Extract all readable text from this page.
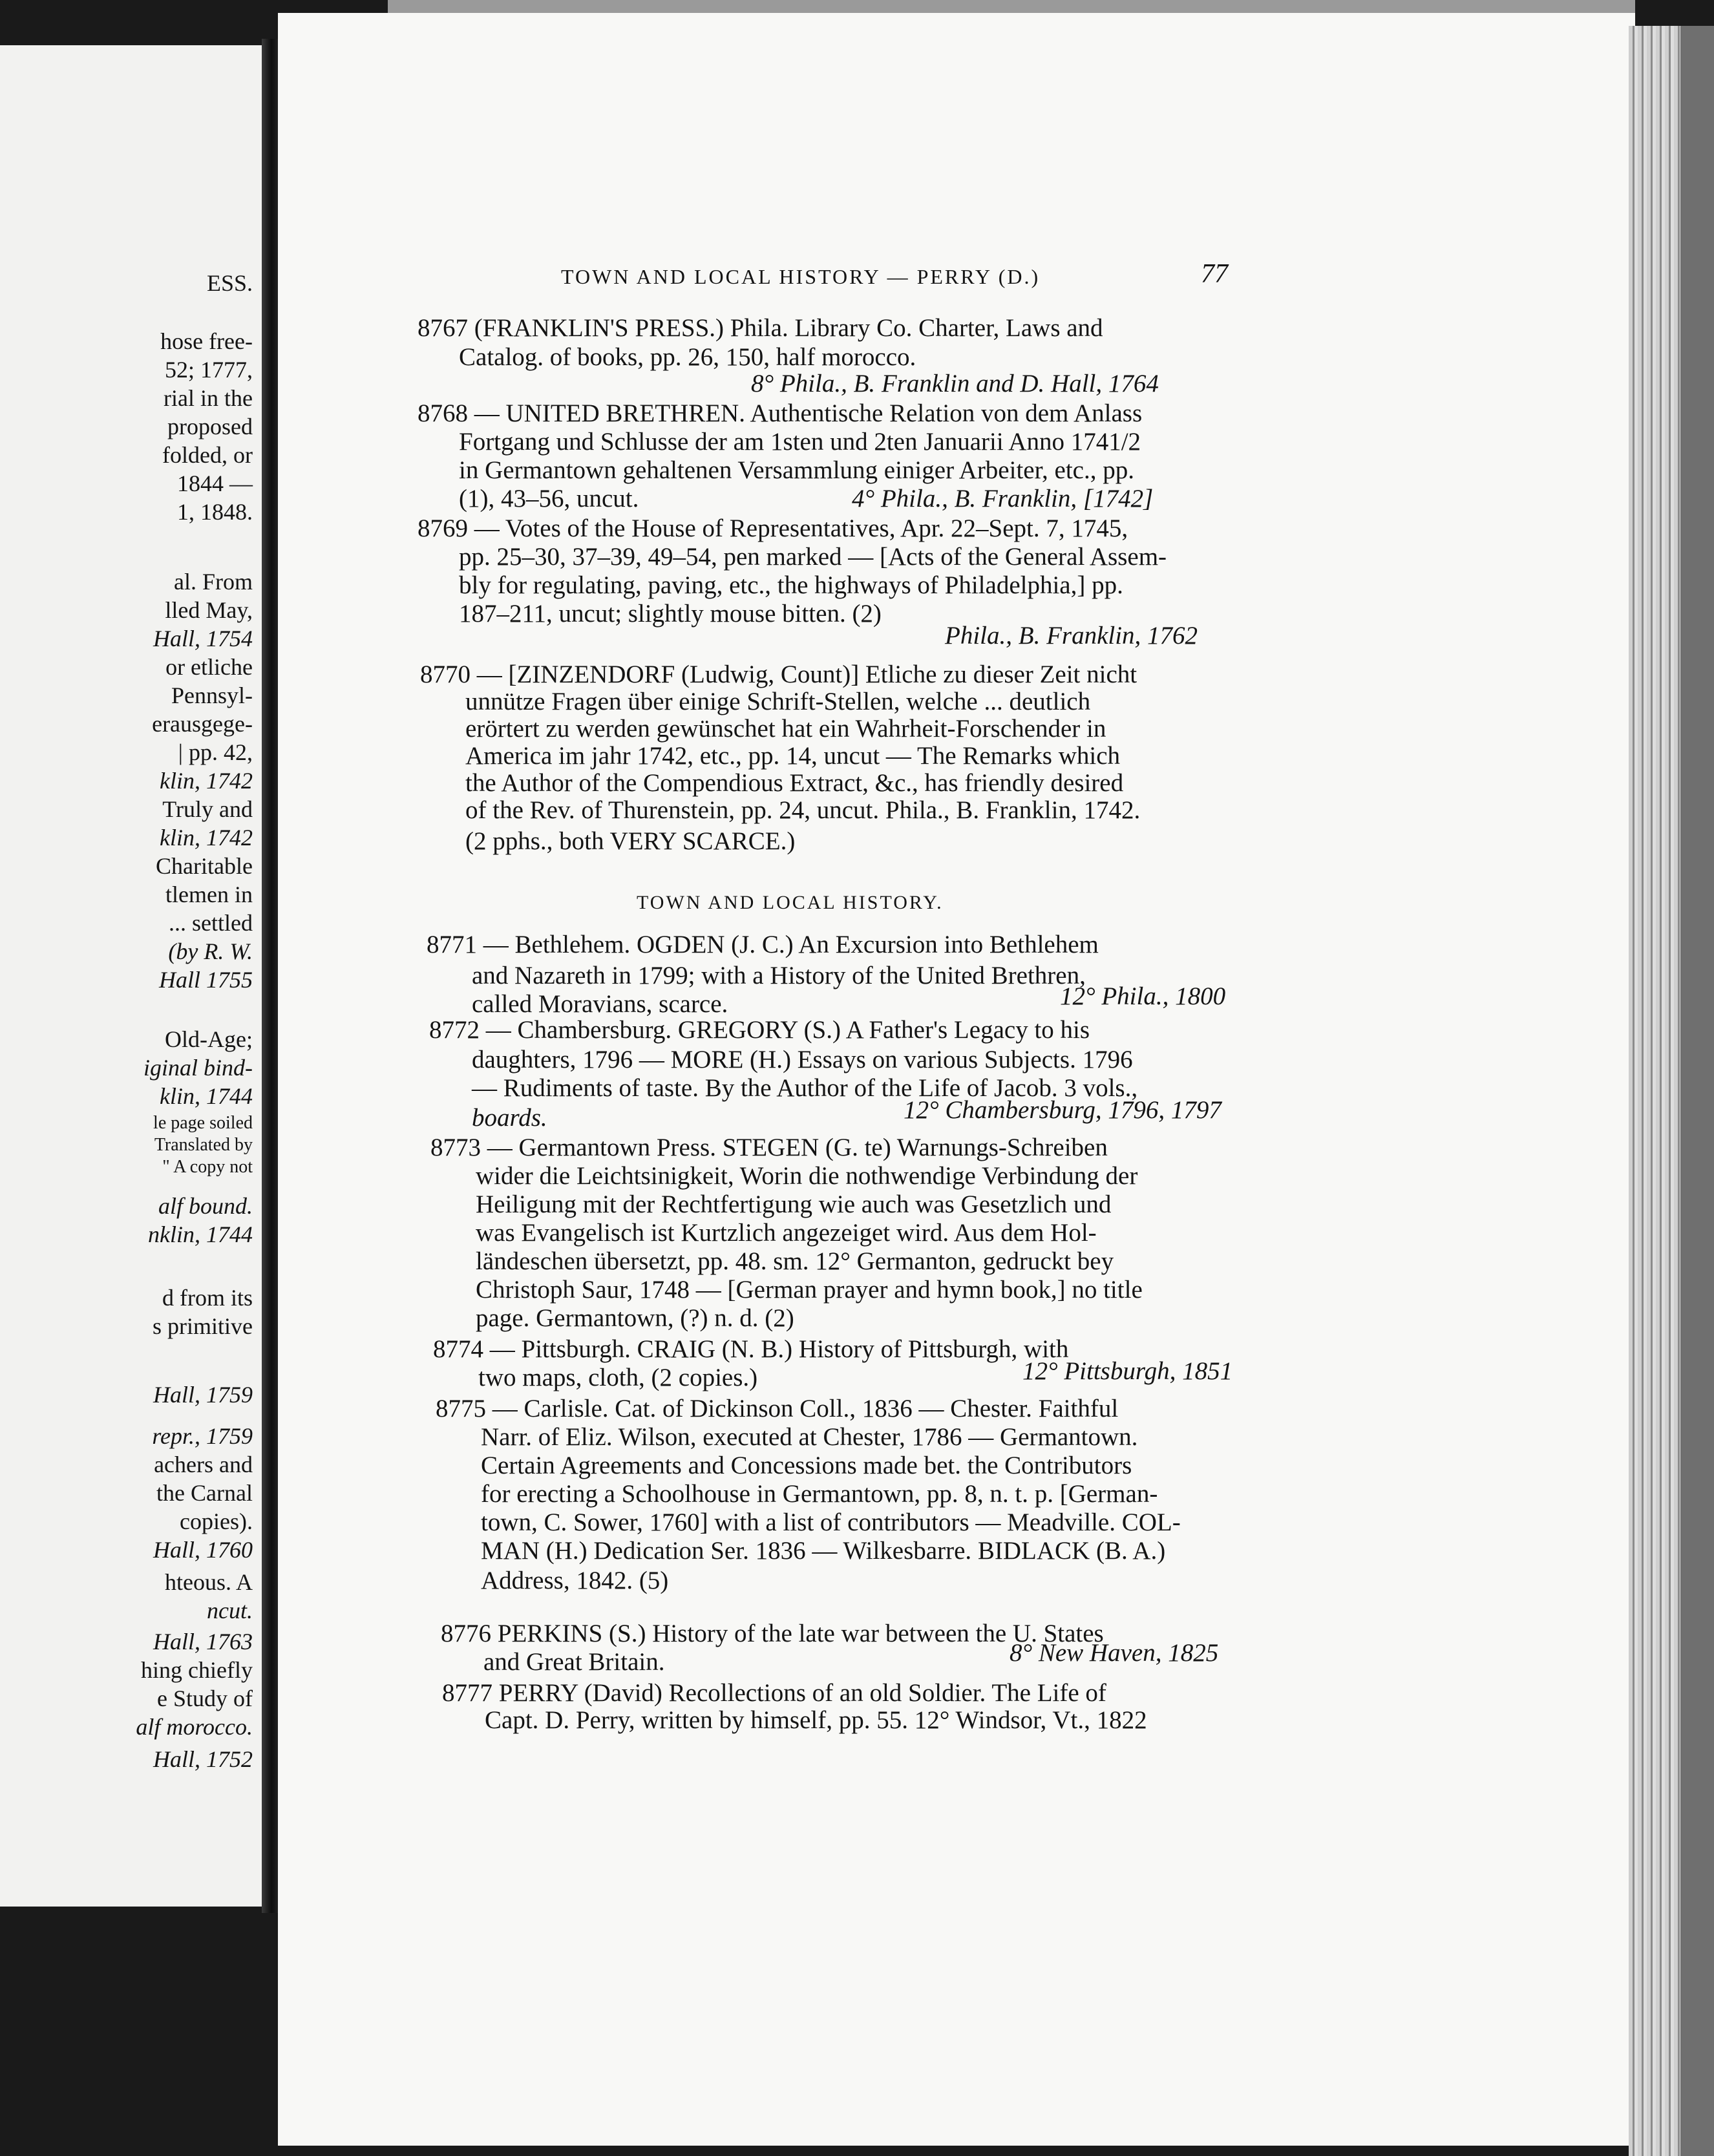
ESS.
hose free-
52; 1777,
rial in the
proposed
folded, or
1844 —
1, 1848.
al. From
lled May,
Hall, 1754
or etliche
Pennsyl-
erausgege-
| pp. 42,
klin, 1742
Truly and
klin, 1742
Charitable
tlemen in
... settled
(by R. W.
Hall 1755
Old-Age;
iginal bind-
klin, 1744
le page soiled
Translated by
" A copy not
alf bound.
nklin, 1744
d from its
s primitive
Hall, 1759
repr., 1759
achers and
the Carnal
copies).
Hall, 1760
hteous. A
ncut.
Hall, 1763
hing chiefly
e Study of
alf morocco.
Hall, 1752
TOWN AND LOCAL HISTORY — PERRY (D.)	77
8767 (FRANKLIN'S PRESS.) Phila. Library Co. Charter, Laws and
Catalog. of books, pp. 26, 150, half morocco.
8° Phila., B. Franklin and D. Hall, 1764
8768 — UNITED BRETHREN. Authentische Relation von dem Anlass
Fortgang und Schlusse der am 1sten und 2ten Januarii Anno 1741/2
in Germantown gehaltenen Versammlung einiger Arbeiter, etc., pp.
(1), 43–56, uncut.	4° Phila., B. Franklin, [1742]
8769 — Votes of the House of Representatives, Apr. 22–Sept. 7, 1745,
pp. 25–30, 37–39, 49–54, pen marked — [Acts of the General Assem-
bly for regulating, paving, etc., the highways of Philadelphia,] pp.
187–211, uncut; slightly mouse bitten. (2)
Phila., B. Franklin, 1762
8770 — [ZINZENDORF (Ludwig, Count)] Etliche zu dieser Zeit nicht
unnütze Fragen über einige Schrift-Stellen, welche ... deutlich
erörtert zu werden gewünschet hat ein Wahrheit-Forschender in
America im jahr 1742, etc., pp. 14, uncut — The Remarks which
the Author of the Compendious Extract, &c., has friendly desired
of the Rev. of Thurenstein, pp. 24, uncut. Phila., B. Franklin, 1742.
(2 pphs., both VERY SCARCE.)
TOWN AND LOCAL HISTORY.
8771 — Bethlehem. OGDEN (J. C.) An Excursion into Bethlehem
and Nazareth in 1799; with a History of the United Brethren,
called Moravians, scarce.	12° Phila., 1800
8772 — Chambersburg. GREGORY (S.) A Father's Legacy to his
daughters, 1796 — MORE (H.) Essays on various Subjects. 1796
— Rudiments of taste. By the Author of the Life of Jacob. 3 vols.,
boards.	12° Chambersburg, 1796, 1797
8773 — Germantown Press. STEGEN (G. te) Warnungs-Schreiben
wider die Leichtsinigkeit, Worin die nothwendige Verbindung der
Heiligung mit der Rechtfertigung wie auch was Gesetzlich und
was Evangelisch ist Kurtzlich angezeiget wird. Aus dem Hol-
ländeschen übersetzt, pp. 48. sm. 12° Germanton, gedruckt bey
Christoph Saur, 1748 — [German prayer and hymn book,] no title
page. Germantown, (?) n. d. (2)
8774 — Pittsburgh. CRAIG (N. B.) History of Pittsburgh, with
two maps, cloth, (2 copies.)	12° Pittsburgh, 1851
8775 — Carlisle. Cat. of Dickinson Coll., 1836 — Chester. Faithful
Narr. of Eliz. Wilson, executed at Chester, 1786 — Germantown.
Certain Agreements and Concessions made bet. the Contributors
for erecting a Schoolhouse in Germantown, pp. 8, n. t. p. [German-
town, C. Sower, 1760] with a list of contributors — Meadville. COL-
MAN (H.) Dedication Ser. 1836 — Wilkesbarre. BIDLACK (B. A.)
Address, 1842. (5)
8776 PERKINS (S.) History of the late war between the U. States
and Great Britain.	8° New Haven, 1825
8777 PERRY (David) Recollections of an old Soldier. The Life of
Capt. D. Perry, written by himself, pp. 55. 12° Windsor, Vt., 1822
